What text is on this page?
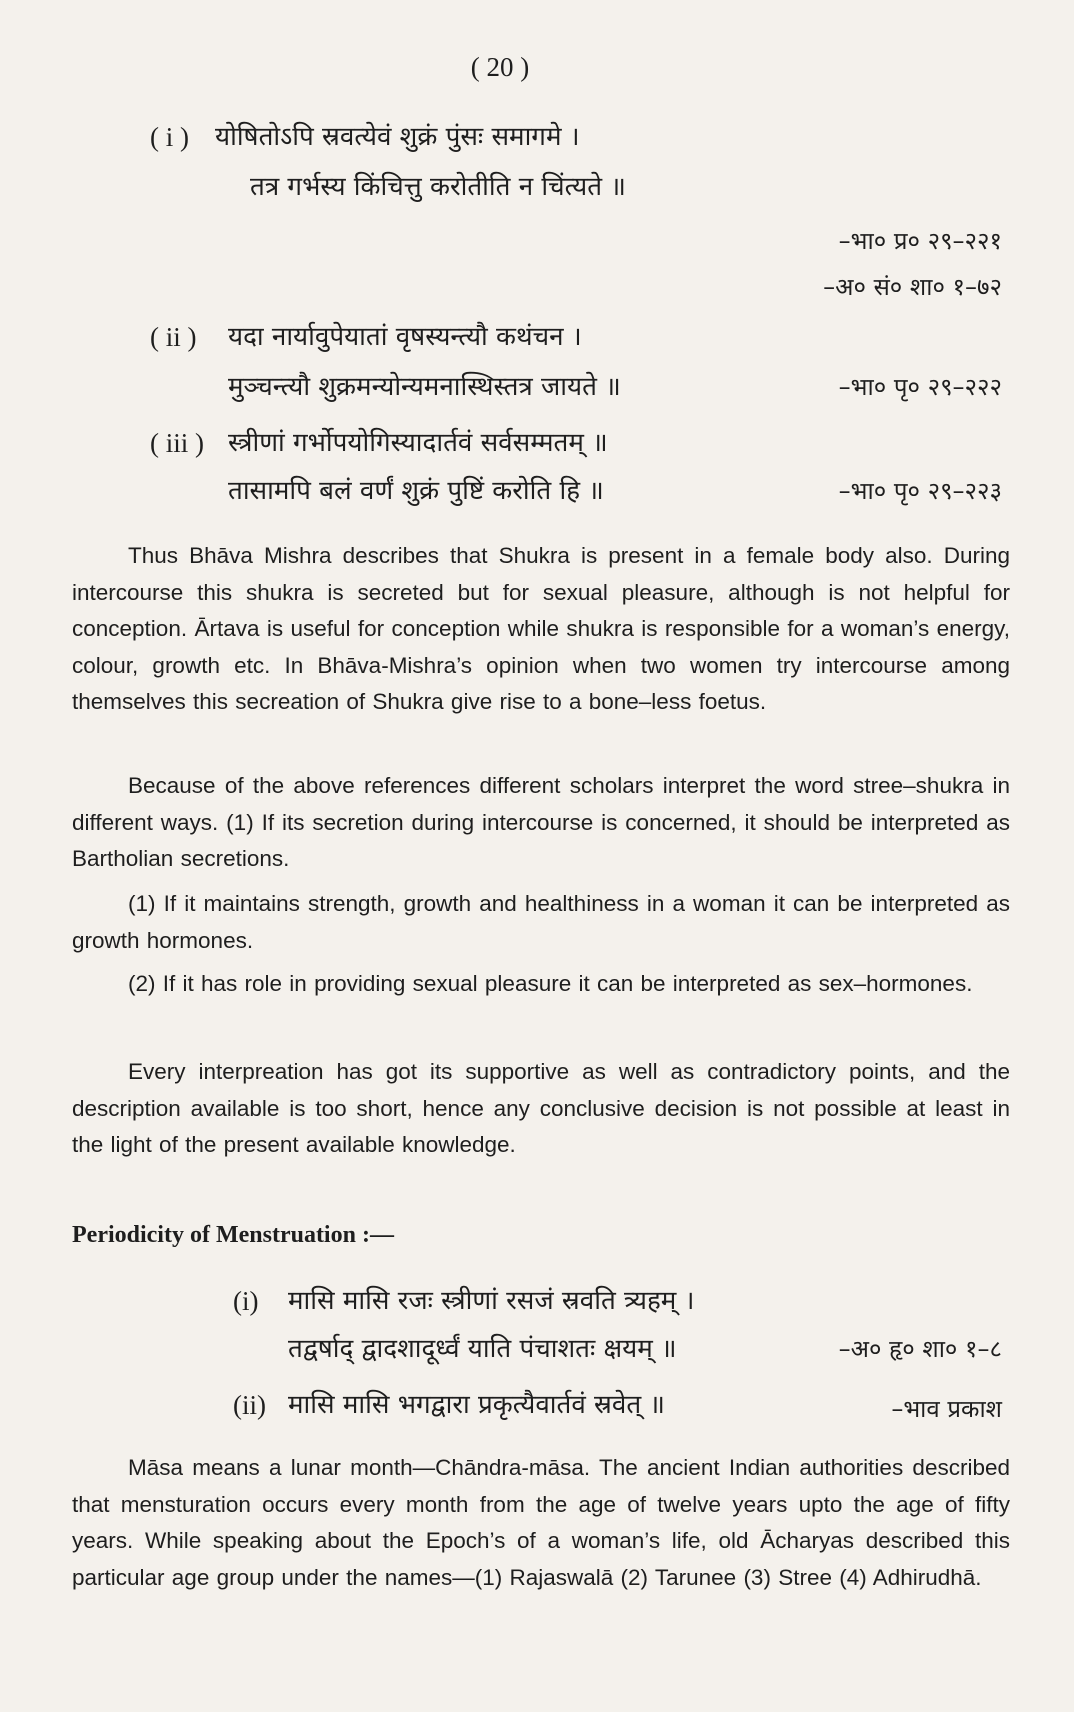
( 20 )
( i ) योषितोऽपि स्रवत्येवं शुक्रं पुंसः समागमे ।
तत्र गर्भस्य किंचित्तु करोतीति न चिंत्यते ॥
–भा० प्र० २९–२२१
–अ० सं० शा० १–७२
( ii ) यदा नार्यावुपेयातां वृषस्यन्त्यौ कथंचन ।
मुञ्चन्त्यौ शुक्रमन्योन्यमनास्थिस्तत्र जायते ॥	–भा० पृ० २९–२२२
( iii ) स्त्रीणां गर्भोपयोगिस्यादार्तवं सर्वसम्मतम् ॥
तासामपि बलं वर्णं शुक्रं पुष्टिं करोति हि ॥	–भा० पृ० २९–२२३

Thus Bhāva Mishra describes that Shukra is present in a female body also. During intercourse this shukra is secreted but for sexual pleasure, although is not helpful for conception. Ārtava is useful for conception while shukra is responsible for a woman’s energy, colour, growth etc. In Bhāva-Mishra’s opinion when two women try intercourse among themselves this secreation of Shukra give rise to a bone–less foetus.

Because of the above references different scholars interpret the word stree–shukra in different ways. (1) If its secretion during intercourse is concerned, it should be interpreted as Bartholian secretions.

(1) If it maintains strength, growth and healthiness in a woman it can be interpreted as growth hormones.

(2) If it has role in providing sexual pleasure it can be interpreted as sex–hormones.

Every interpreation has got its supportive as well as contradictory points, and the description available is too short, hence any conclusive decision is not possible at least in the light of the present available knowledge.

Periodicity of Menstruation :—
(i) मासि मासि रजः स्त्रीणां रसजं स्रवति त्र्यहम् ।
तद्वर्षाद् द्वादशादूर्ध्वं याति पंचाशतः क्षयम् ॥	–अ० हृ० शा० १–८
(ii) मासि मासि भगद्वारा प्रकृत्यैवार्तवं स्रवेत् ॥	–भाव प्रकाश

Māsa means a lunar month—Chāndra-māsa. The ancient Indian authorities described that mensturation occurs every month from the age of twelve years upto the age of fifty years. While speaking about the Epoch’s of a woman’s life, old Ācharyas described this particular age group under the names—(1) Rajaswalā (2) Tarunee (3) Stree (4) Adhirudhā.
